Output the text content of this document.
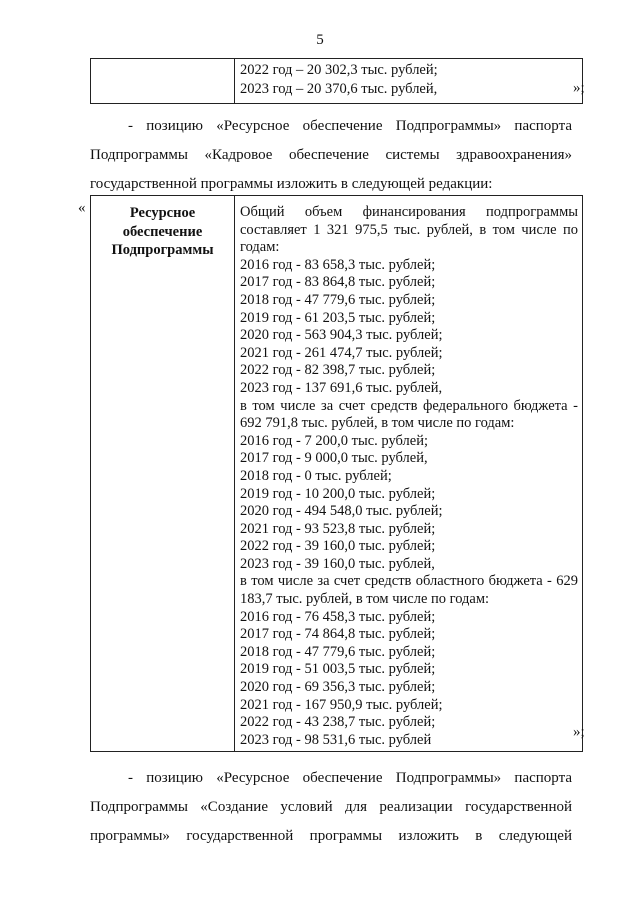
5

2022 год – 20 302,3 тыс. рублей;
2023 год – 20 370,6 тыс. рублей,	»;
- позицию «Ресурсное обеспечение Подпрограммы» паспорта
Подпрограммы «Кадровое обеспечение системы здравоохранения»
государственной программы изложить в следующей редакции:
«	Ресурсное
обеспечение
Подпрограммы

Общий объем финансирования подпрограммы составляет 1 321 975,5 тыс. рублей, в том числе по годам:
2016 год - 83 658,3 тыс. рублей;
2017 год - 83 864,8 тыс. рублей;
2018 год - 47 779,6 тыс. рублей;
2019 год - 61 203,5 тыс. рублей;
2020 год - 563 904,3 тыс. рублей;
2021 год - 261 474,7 тыс. рублей;
2022 год - 82 398,7 тыс. рублей;
2023 год - 137 691,6 тыс. рублей,
в том числе за счет средств федерального бюджета - 692 791,8 тыс. рублей, в том числе по годам:
2016 год - 7 200,0 тыс. рублей;
2017 год - 9 000,0 тыс. рублей,
2018 год - 0 тыс. рублей;
2019 год - 10 200,0 тыс. рублей;
2020 год - 494 548,0 тыс. рублей;
2021 год - 93 523,8 тыс. рублей;
2022 год - 39 160,0 тыс. рублей;
2023 год - 39 160,0 тыс. рублей,
в том числе за счет средств областного бюджета - 629 183,7 тыс. рублей, в том числе по годам:
2016 год - 76 458,3 тыс. рублей;
2017 год - 74 864,8 тыс. рублей;
2018 год - 47 779,6 тыс. рублей;
2019 год - 51 003,5 тыс. рублей;
2020 год - 69 356,3 тыс. рублей;
2021 год - 167 950,9 тыс. рублей;
2022 год - 43 238,7 тыс. рублей;
2023 год - 98 531,6 тыс. рублей	»;
- позицию «Ресурсное обеспечение Подпрограммы» паспорта
Подпрограммы «Создание условий для реализации государственной
программы» государственной программы изложить в следующей
